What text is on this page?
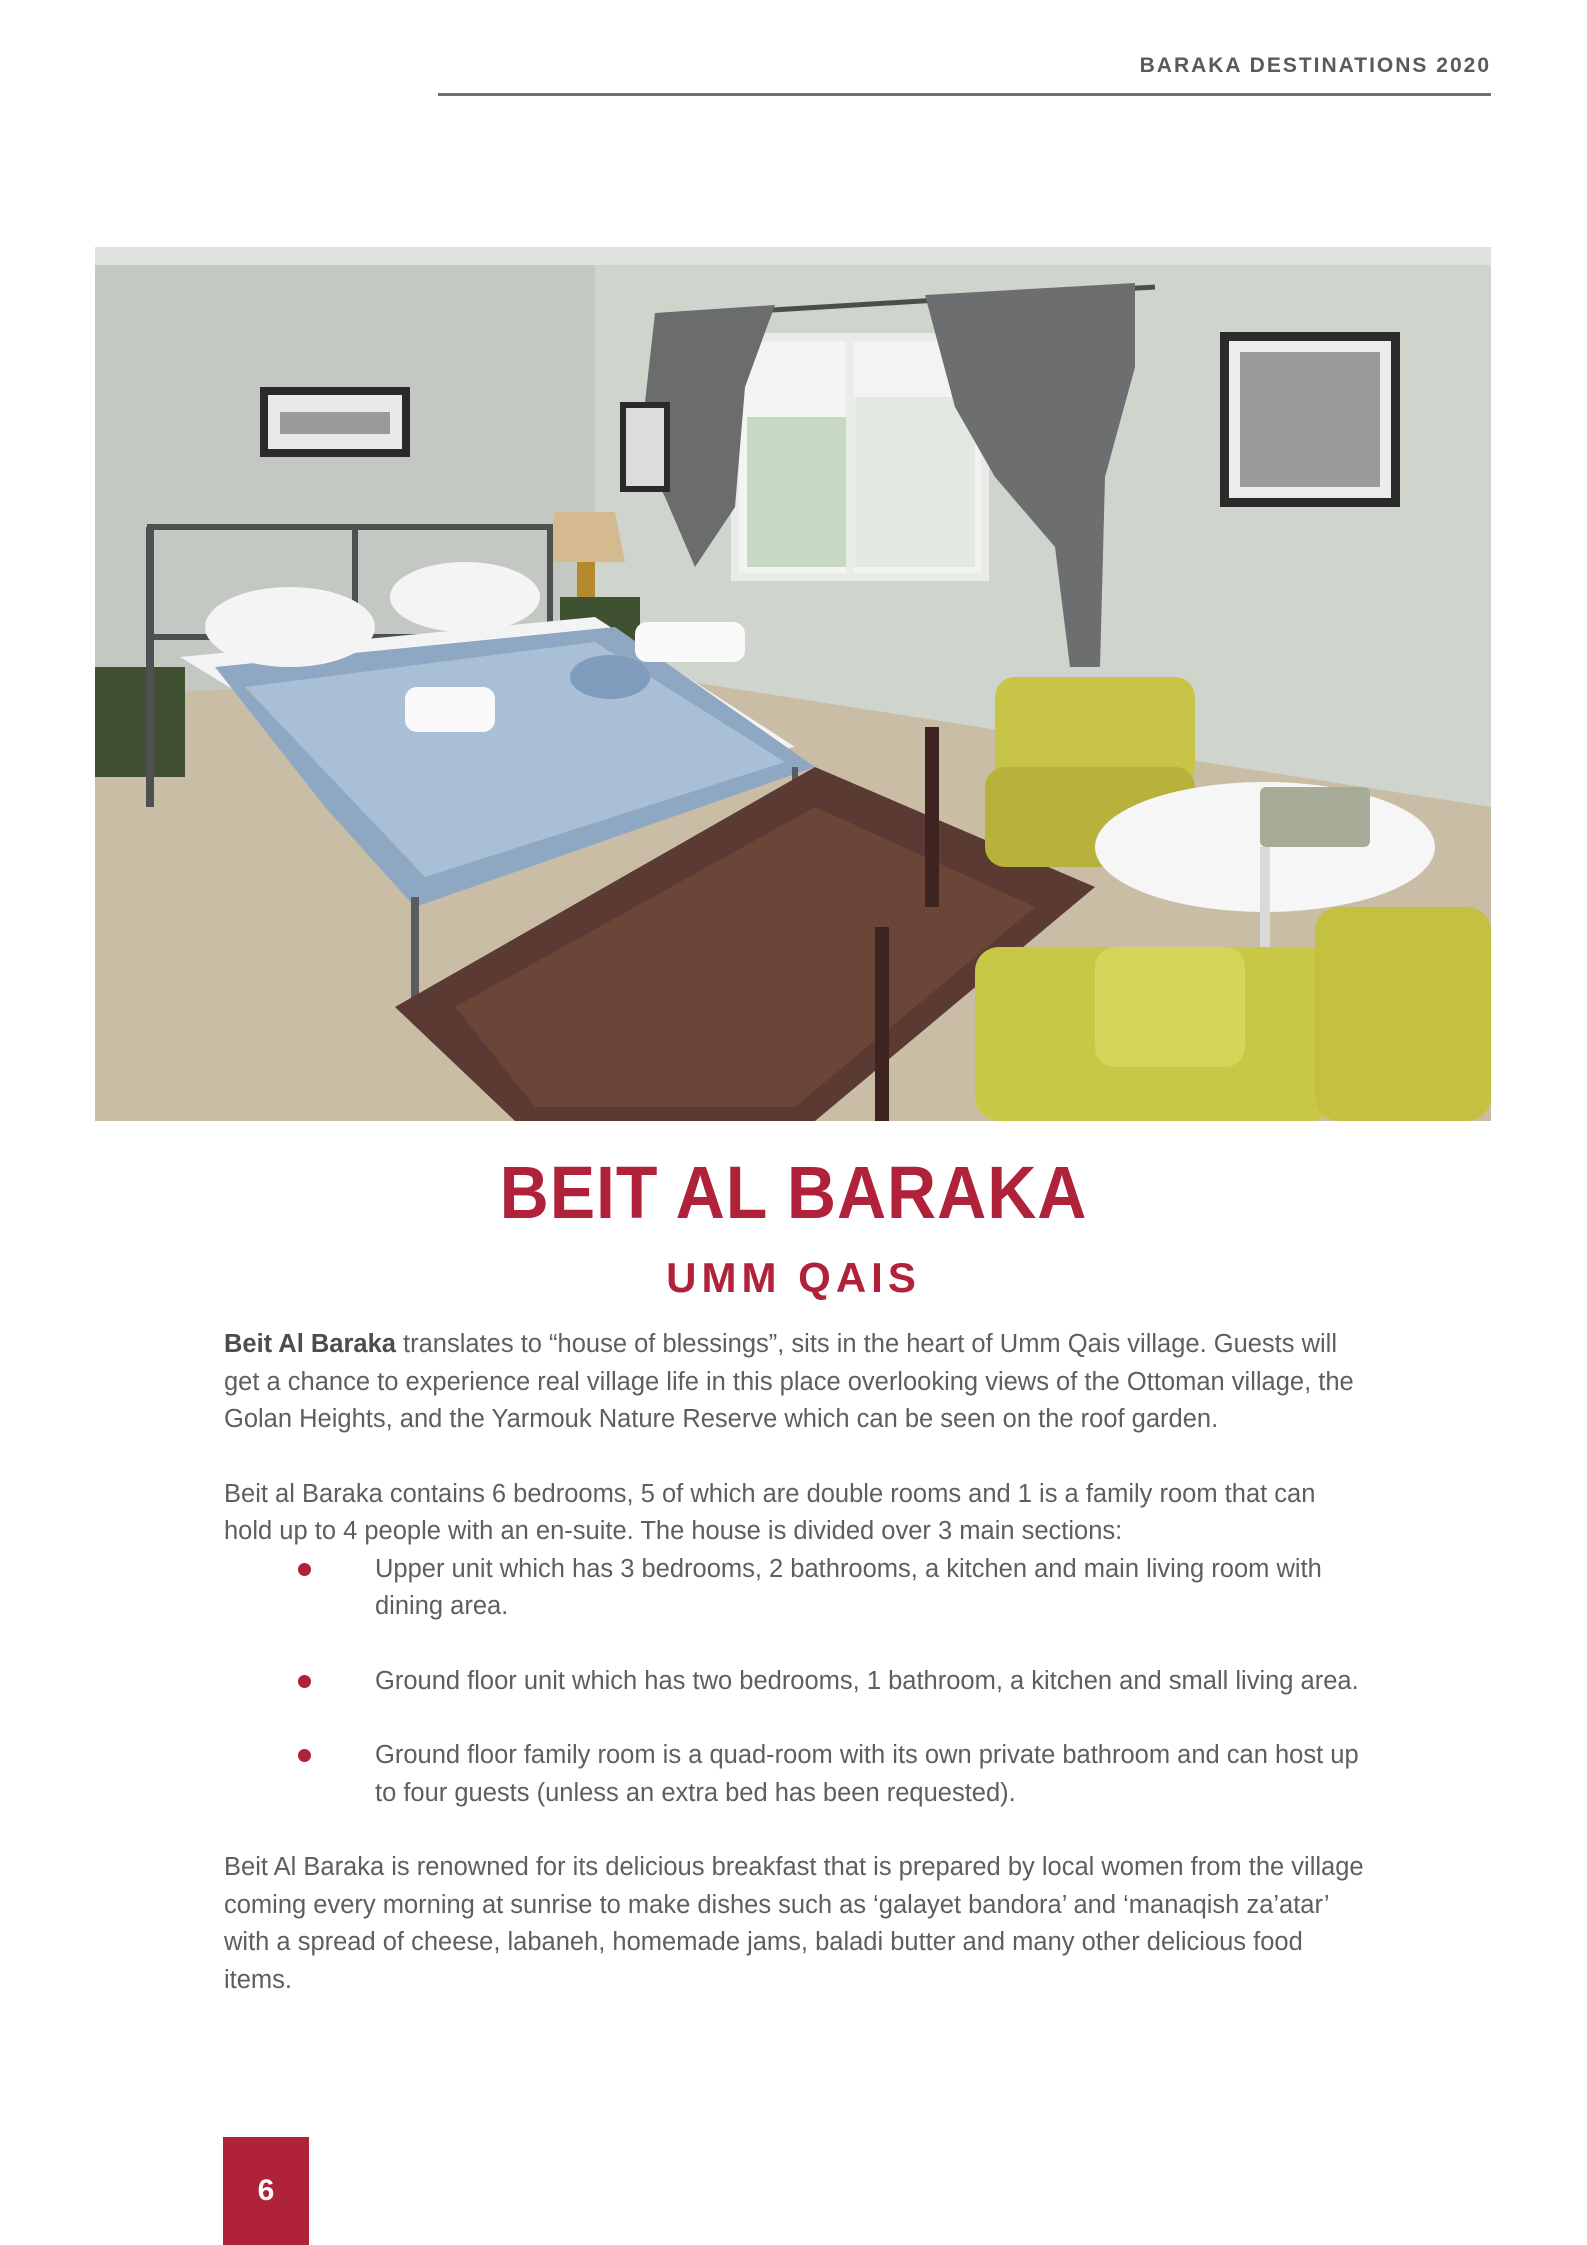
BARAKA DESTINATIONS 2020
BEIT AL BARAKA
UMM QAIS

Beit Al Baraka translates to “house of blessings”, sits in the heart of Umm Qais village. Guests will get a chance to experience real village life in this place overlooking views of the Ottoman village, the Golan Heights, and the Yarmouk Nature Reserve which can be seen on the roof garden.

Beit al Baraka contains 6 bedrooms, 5 of which are double rooms and 1 is a family room that can hold up to 4 people with an en-suite. The house is divided over 3 main sections:

Upper unit which has 3 bedrooms, 2 bathrooms, a kitchen and main living room with dining area.
Ground floor unit which has two bedrooms, 1 bathroom, a kitchen and small living area.
Ground floor family room is a quad-room with its own private bathroom and can host up to four guests (unless an extra bed has been requested).

Beit Al Baraka is renowned for its delicious breakfast that is prepared by local women from the village coming every morning at sunrise to make dishes such as ‘galayet bandora’ and ‘manaqish za’atar’ with a spread of cheese, labaneh, homemade jams, baladi butter and many other delicious food items.

6
